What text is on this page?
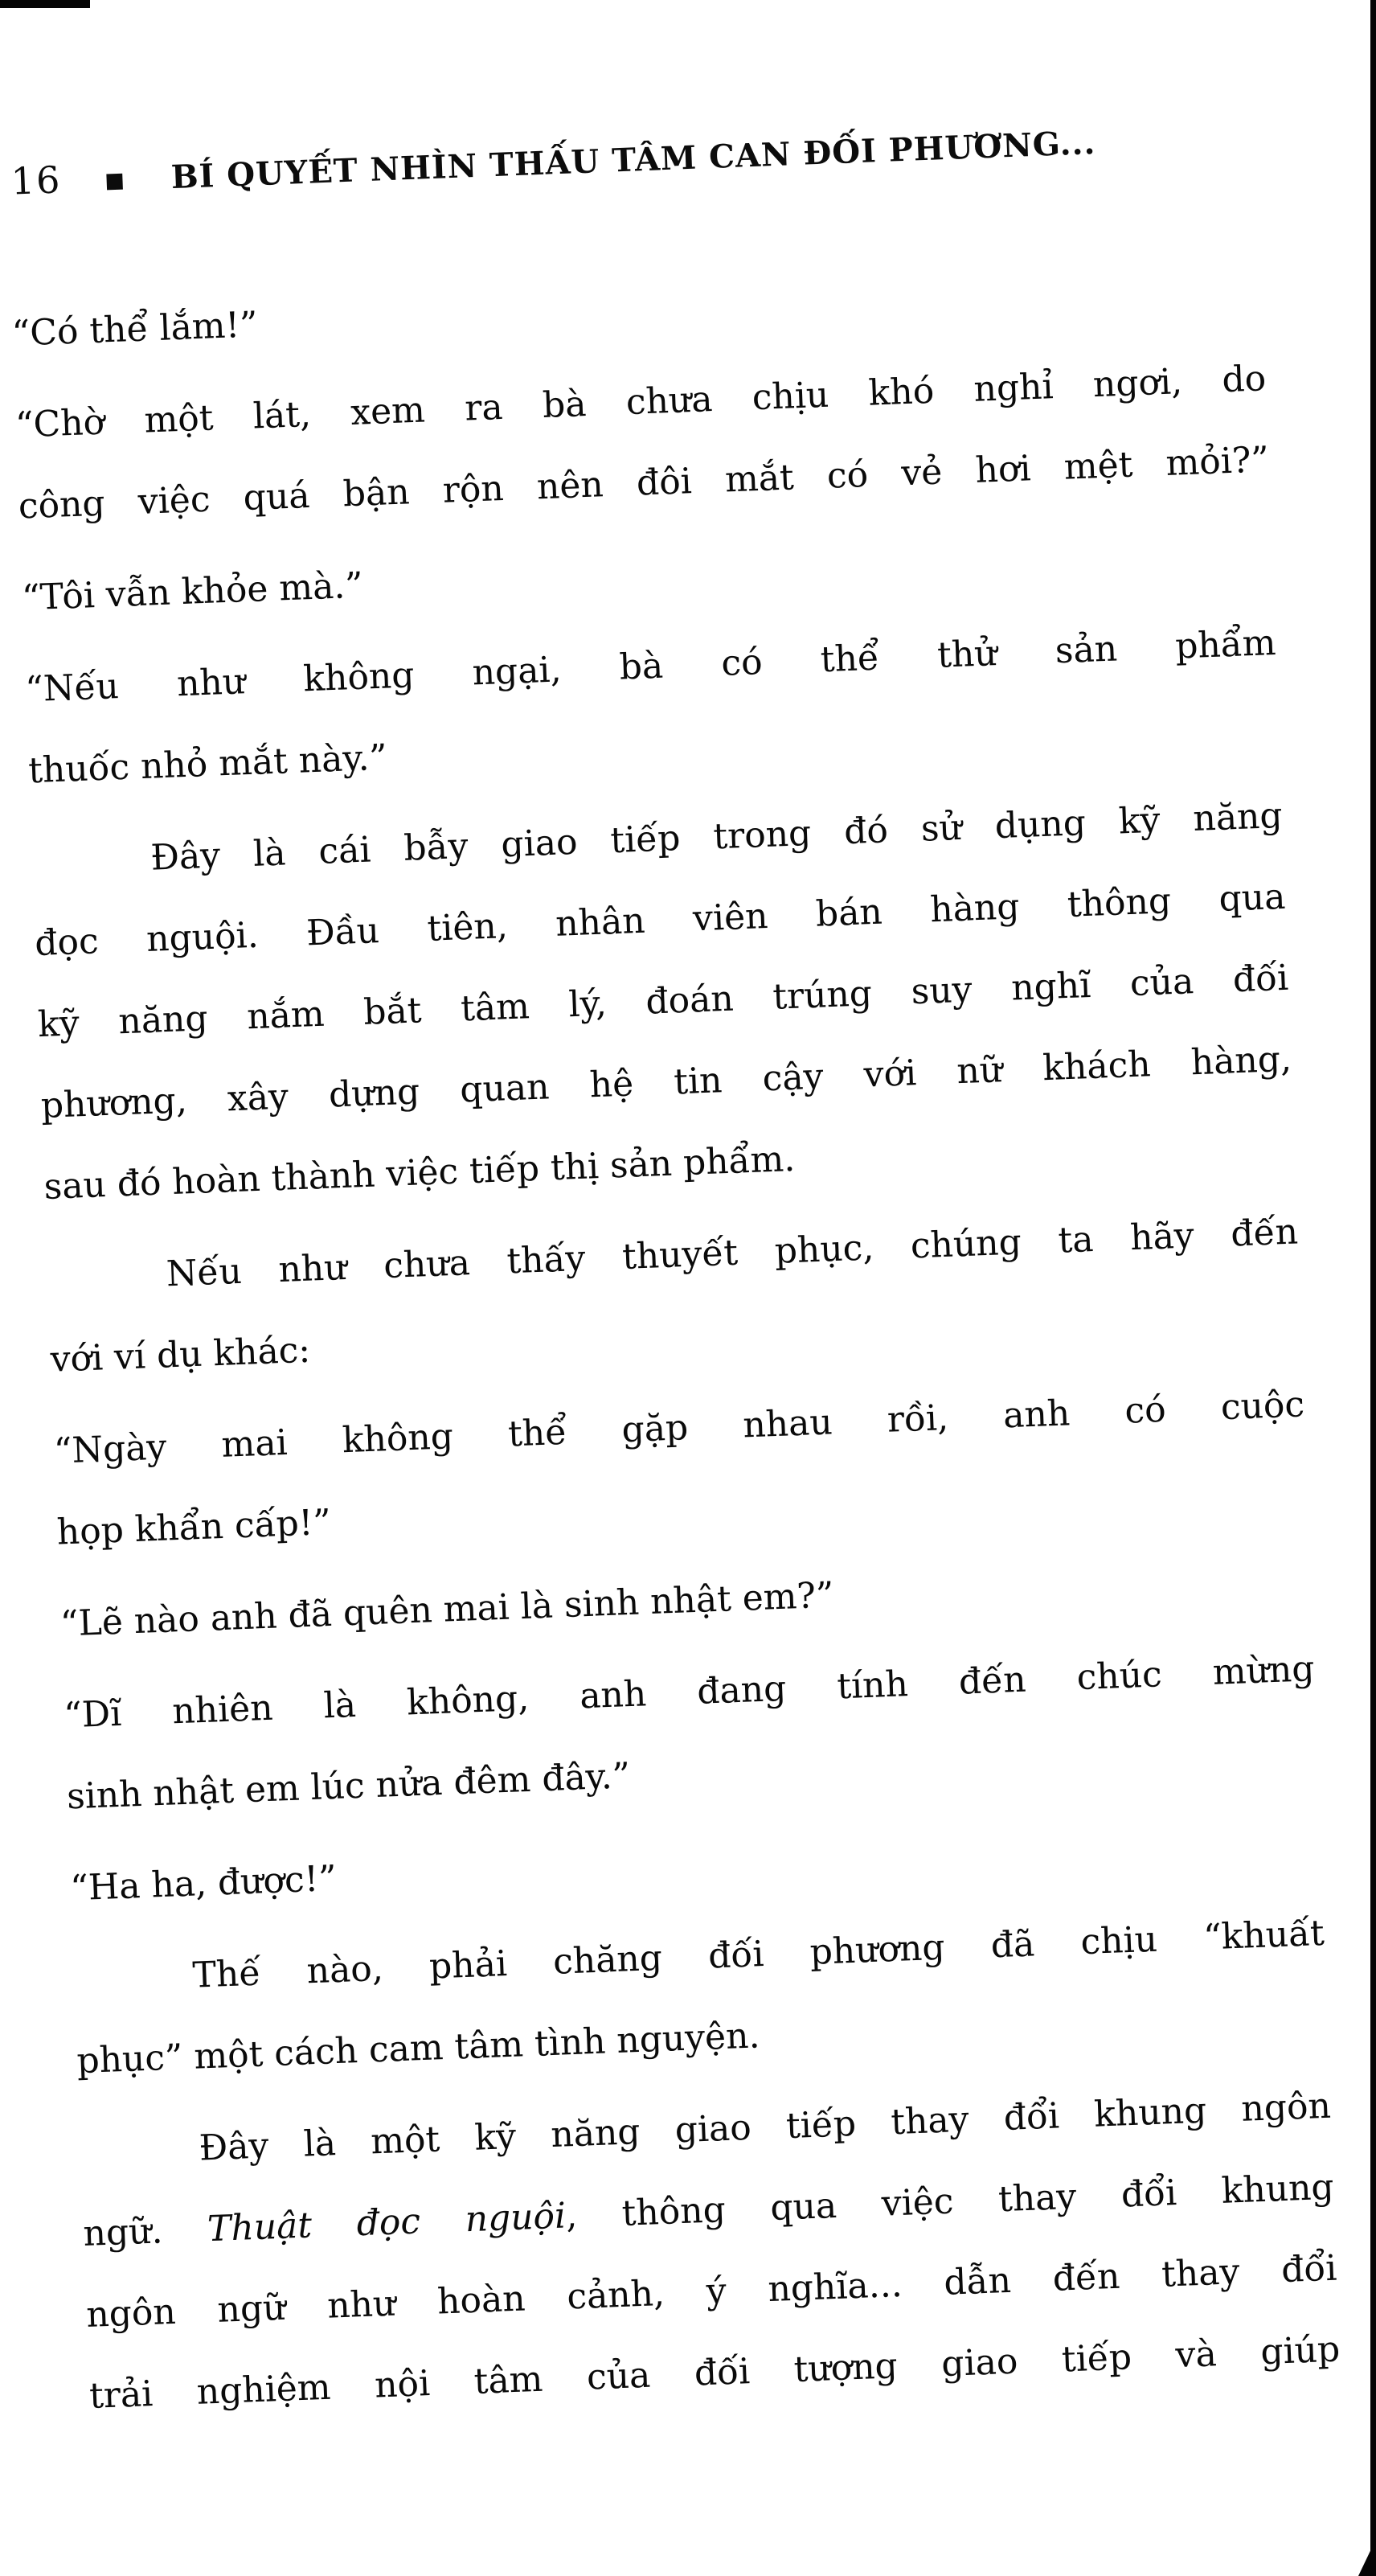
16 ■ BÍ QUYẾT NHÌN THẤU TÂM CAN ĐỐI PHƯƠNG...

“Có thể lắm!”

“Chờ một lát, xem ra bà chưa chịu khó nghỉ ngơi, do
công việc quá bận rộn nên đôi mắt có vẻ hơi mệt mỏi?”

“Tôi vẫn khỏe mà.”

“Nếu như không ngại, bà có thể thử sản phẩm
thuốc nhỏ mắt này.”

Đây là cái bẫy giao tiếp trong đó sử dụng kỹ năng
đọc nguội. Đầu tiên, nhân viên bán hàng thông qua
kỹ năng nắm bắt tâm lý, đoán trúng suy nghĩ của đối
phương, xây dựng quan hệ tin cậy với nữ khách hàng,
sau đó hoàn thành việc tiếp thị sản phẩm.

Nếu như chưa thấy thuyết phục, chúng ta hãy đến
với ví dụ khác:

“Ngày mai không thể gặp nhau rồi, anh có cuộc
họp khẩn cấp!”

“Lẽ nào anh đã quên mai là sinh nhật em?”

“Dĩ nhiên là không, anh đang tính đến chúc mừng
sinh nhật em lúc nửa đêm đây.”

“Ha ha, được!”

Thế nào, phải chăng đối phương đã chịu “khuất
phục” một cách cam tâm tình nguyện.

Đây là một kỹ năng giao tiếp thay đổi khung ngôn
ngữ. Thuật đọc nguội, thông qua việc thay đổi khung
ngôn ngữ như hoàn cảnh, ý nghĩa... dẫn đến thay đổi
trải nghiệm nội tâm của đối tượng giao tiếp và giúp
